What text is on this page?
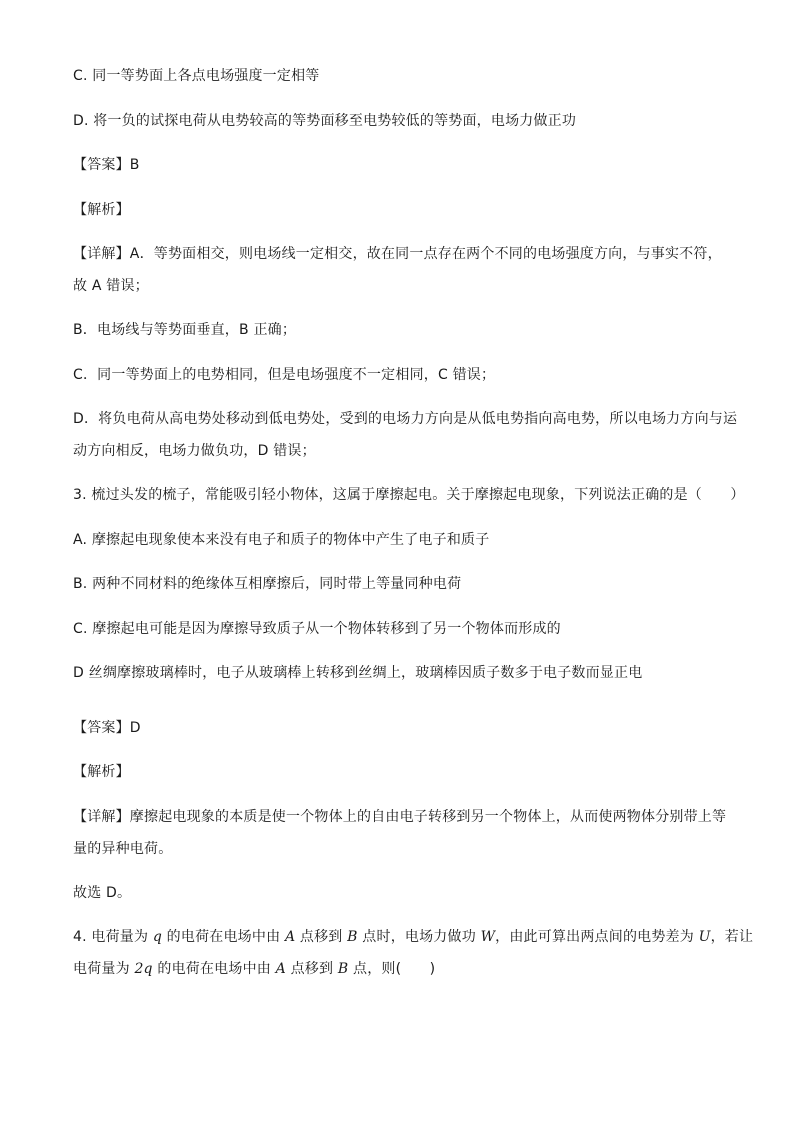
C. 同一等势面上各点电场强度一定相等
D. 将一负的试探电荷从电势较高的等势面移至电势较低的等势面，电场力做正功
【答案】B
【解析】
【详解】A．等势面相交，则电场线一定相交，故在同一点存在两个不同的电场强度方向，与事实不符，
故 A 错误；
B．电场线与等势面垂直，B 正确；
C．同一等势面上的电势相同，但是电场强度不一定相同，C 错误；
D．将负电荷从高电势处移动到低电势处，受到的电场力方向是从低电势指向高电势，所以电场力方向与运
动方向相反，电场力做负功，D 错误；
3. 梳过头发的梳子，常能吸引轻小物体，这属于摩擦起电。关于摩擦起电现象，下列说法正确的是（　　）
A. 摩擦起电现象使本来没有电子和质子的物体中产生了电子和质子
B. 两种不同材料的绝缘体互相摩擦后，同时带上等量同种电荷
C. 摩擦起电可能是因为摩擦导致质子从一个物体转移到了另一个物体而形成的
D 丝绸摩擦玻璃棒时，电子从玻璃棒上转移到丝绸上，玻璃棒因质子数多于电子数而显正电
【答案】D
【解析】
【详解】摩擦起电现象的本质是使一个物体上的自由电子转移到另一个物体上，从而使两物体分别带上等
量的异种电荷。
故选 D。
4. 电荷量为 q 的电荷在电场中由 A 点移到 B 点时，电场力做功 W，由此可算出两点间的电势差为 U，若让
电荷量为 2q 的电荷在电场中由 A 点移到 B 点，则(　　)
